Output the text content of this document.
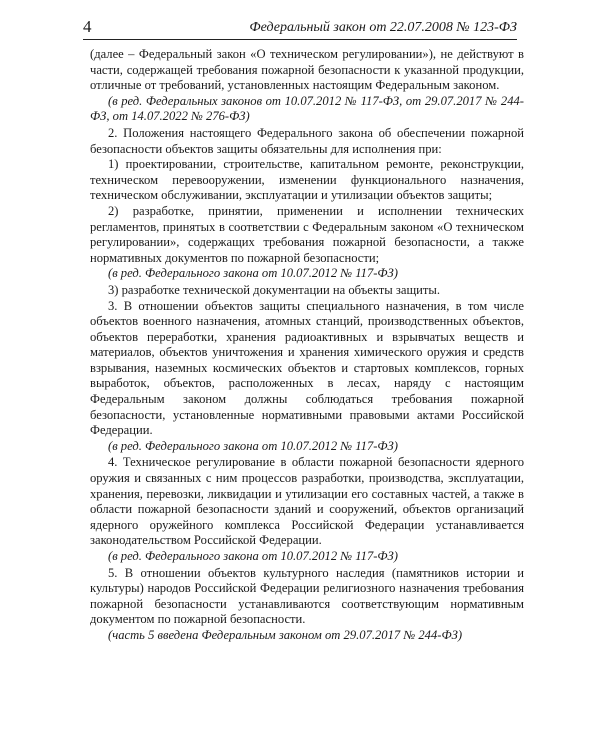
4	Федеральный закон от 22.07.2008 № 123-ФЗ

(далее – Федеральный закон «О техническом регулировании»), не действуют в части, содержащей требования пожарной безопасности к указанной продукции, отличные от требований, установленных настоящим Федеральным законом.

(в ред. Федеральных законов от 10.07.2012 № 117-ФЗ, от 29.07.2017 № 244-ФЗ, от 14.07.2022 № 276-ФЗ)

2. Положения настоящего Федерального закона об обеспечении пожарной безопасности объектов защиты обязательны для исполнения при:

1) проектировании, строительстве, капитальном ремонте, реконструкции, техническом перевооружении, изменении функционального назначения, техническом обслуживании, эксплуатации и утилизации объектов защиты;

2) разработке, принятии, применении и исполнении технических регламентов, принятых в соответствии с Федеральным законом «О техническом регулировании», содержащих требования пожарной безопасности, а также нормативных документов по пожарной безопасности;

(в ред. Федерального закона от 10.07.2012 № 117-ФЗ)

3) разработке технической документации на объекты защиты.

3. В отношении объектов защиты специального назначения, в том числе объектов военного назначения, атомных станций, производственных объектов, объектов переработки, хранения радиоактивных и взрывчатых веществ и материалов, объектов уничтожения и хранения химического оружия и средств взрывания, наземных космических объектов и стартовых комплексов, горных выработок, объектов, расположенных в лесах, наряду с настоящим Федеральным законом должны соблюдаться требования пожарной безопасности, установленные нормативными правовыми актами Российской Федерации.

(в ред. Федерального закона от 10.07.2012 № 117-ФЗ)

4. Техническое регулирование в области пожарной безопасности ядерного оружия и связанных с ним процессов разработки, производства, эксплуатации, хранения, перевозки, ликвидации и утилизации его составных частей, а также в области пожарной безопасности зданий и сооружений, объектов организаций ядерного оружейного комплекса Российской Федерации устанавливается законодательством Российской Федерации.

(в ред. Федерального закона от 10.07.2012 № 117-ФЗ)

5. В отношении объектов культурного наследия (памятников истории и культуры) народов Российской Федерации религиозного назначения требования пожарной безопасности устанавливаются соответствующим нормативным документом по пожарной безопасности.

(часть 5 введена Федеральным законом от 29.07.2017 № 244-ФЗ)
